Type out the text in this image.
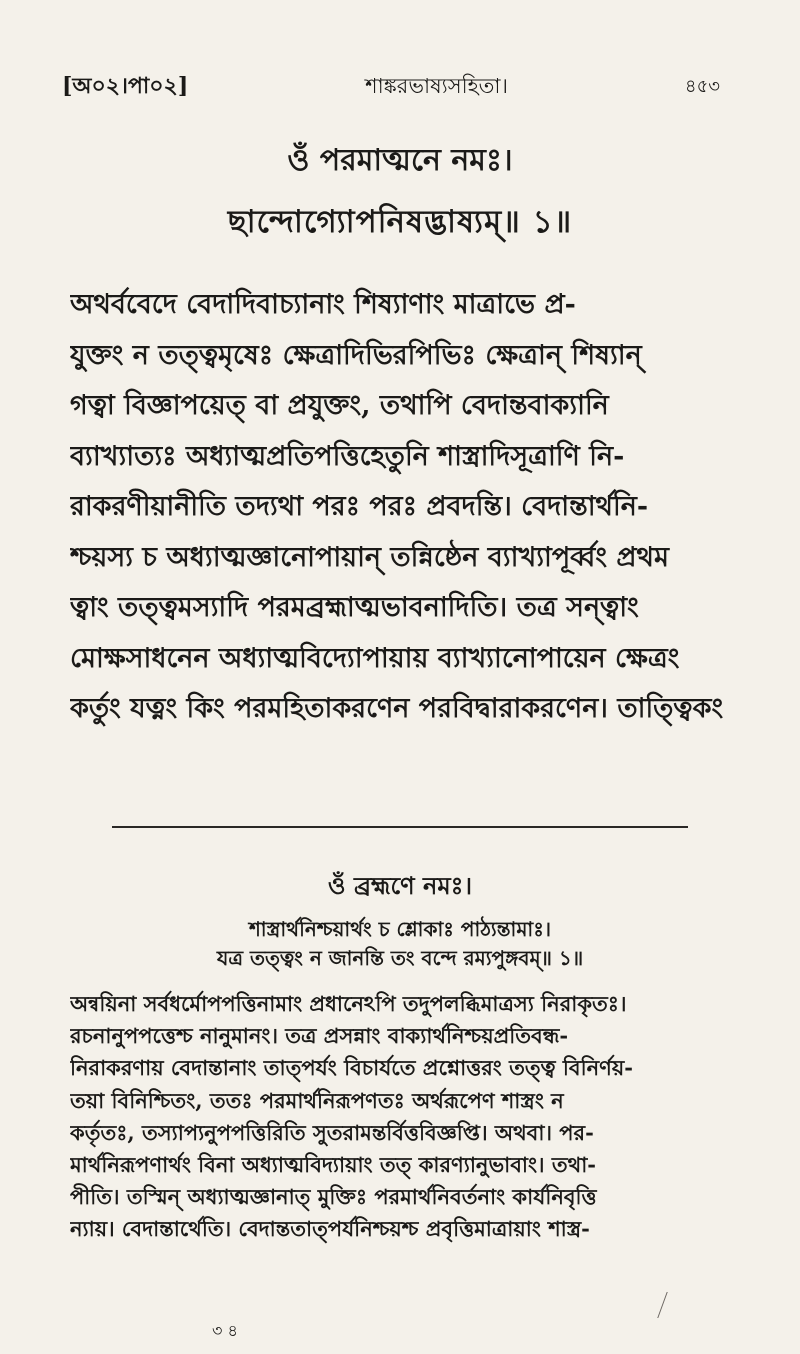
[অ০২।পা০২]	শাঙ্করভাষ্যসহিতা।	৪৫৩
ওঁ পরমাত্মনে নমঃ।
ছান্দোগ্যোপনিষদ্ভাষ্যম্॥ ১॥

অথর্ববেদে বেদাদিবাচ্যানাং শিষ্যাণাং মাত্রাভে প্র-

যুক্তং ন তত্ত্বমৃষেঃ ক্ষেত্রাদিভিরপিভিঃ ক্ষেত্রান্ শিষ্যান্

গত্বা বিজ্ঞাপয়েত্ বা প্রযুক্তং, তথাপি বেদান্তবাক্যানি

ব্যাখ্যাত্যঃ অধ্যাত্মপ্রতিপত্তিহেতুনি শাস্ত্রাদিসূত্রাণি নি-

রাকরণীয়ানীতি তদ্যথা পরঃ পরঃ প্রবদন্তি। বেদান্তার্থনি-

শ্চয়স্য চ অধ্যাত্মজ্ঞানোপায়ান্ তন্নিষ্ঠেন ব্যাখ্যাপূর্ব্বং প্রথম

ত্বাং তত্ত্বমস্যাদি পরমব্রহ্মাত্মভাবনাদিতি। তত্র সন্ত্বাং

মোক্ষসাধনেন অধ্যাত্মবিদ্যোপায়ায় ব্যাখ্যানোপায়েন ক্ষেত্রং

কর্তুং যত্নং কিং পরমহিতাকরণেন পরবিদ্বারাকরণেন। তাত্ত্বিকং

ওঁ ব্রহ্মণে নমঃ।
শাস্ত্রার্থনিশ্চয়ার্থং চ শ্লোকাঃ পাঠ্যন্তামাঃ।
যত্র তত্ত্বং ন জানন্তি তং বন্দে রম্যপুঙ্গবম্॥ ১॥

অন্বয়িনা সর্বধর্মোপপত্তিনামাং প্রধানেঽপি তদুপলব্ধিমাত্রস্য নিরাকৃতঃ।

রচনানুপপত্তেশ্চ নানুমানং। তত্র প্রসন্নাং বাক্যার্থনিশ্চয়প্রতিবন্ধ-

নিরাকরণায় বেদান্তানাং তাত্পর্যং বিচার্যতে প্রশ্নোত্তরং তত্ত্ব বিনির্ণয়-

তয়া বিনিশ্চিতং, ততঃ পরমার্থনিরূপণতঃ অর্থরূপেণ শাস্ত্রং ন

কর্তৃতঃ, তস্যাপ্যনুপপত্তিরিতি সুতরামন্তর্বিত্তবিজ্ঞপ্তি। অথবা। পর-

মার্থনিরূপণার্থং বিনা অধ্যাত্মবিদ্যায়াং তত্ কারণ্যানুভাবাং। তথা-

পীতি। তস্মিন্ অধ্যাত্মজ্ঞানাত্ মুক্তিঃ পরমার্থনিবর্তনাং কার্যনিবৃত্তি

ন্যায়। বেদান্তার্থেতি। বেদান্ততাত্পর্যনিশ্চয়শ্চ প্রবৃত্তিমাত্রায়াং শাস্ত্র-

৩ ৪
